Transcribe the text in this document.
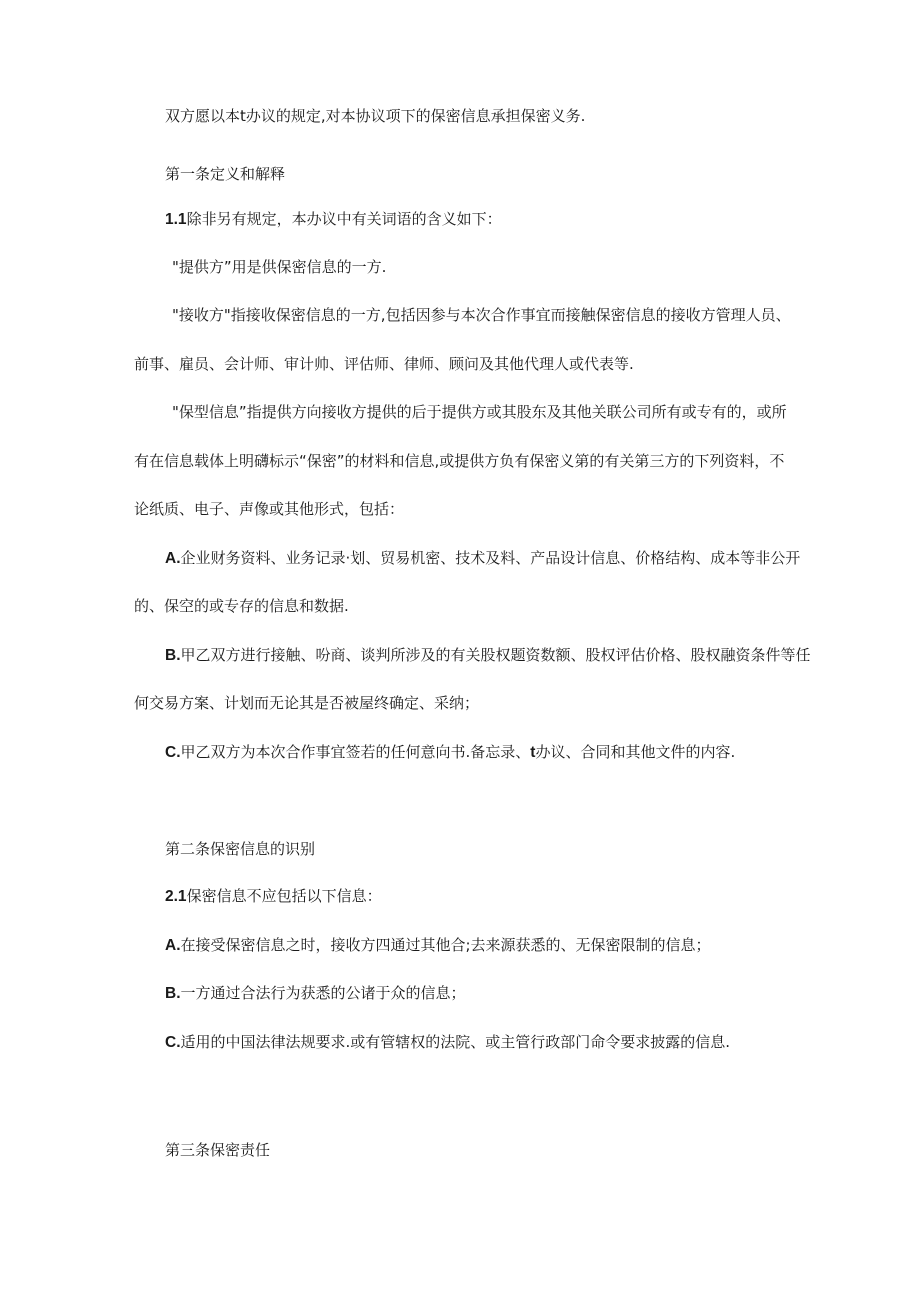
双方愿以本t办议的规定,对本协议项下的保密信息承担保密义务.
第一条定义和解释
1.1除非另有规定，本办议中有关词语的含义如下：
"提供方”用是供保密信息的一方.
"接收方"指接收保密信息的一方,包括因参与本次合作事宜而接触保密信息的接收方管理人员、
前事、雇员、会计师、审计帅、评估师、律师、顾问及其他代理人或代表等.
"保型信息”指提供方向接收方提供的后于提供方或其股东及其他关联公司所有或专有的，或所
有在信息载体上明礴标示“保密”的材料和信息,或提供方负有保密义第的有关第三方的下列资料，不
论纸质、电子、声像或其他形式，包括：
A.企业财务资料、业务记录·划、贸易机密、技术及料、产品设计信息、价格结构、成本等非公开
的、保空的或专存的信息和数据.
B.甲乙双方进行接触、吩商、谈判所涉及的有关股权题资数额、股权评估价格、股权融资条件等任
何交易方案、计划而无论其是否被屋终确定、采纳；
C.甲乙双方为本次合作事宜签若的任何意向书.备忘录、t办议、合同和其他文件的内容.
第二条保密信息的识别
2.1保密信息不应包括以下信息：
A.在接受保密信息之时，接收方四通过其他合;去来源获悉的、无保密限制的信息；
B.一方通过合法行为获悉的公诸于众的信息；
C.适用的中国法律法规要求.或有管辖权的法院、或主管行政部门命令要求披露的信息.
第三条保密责任
